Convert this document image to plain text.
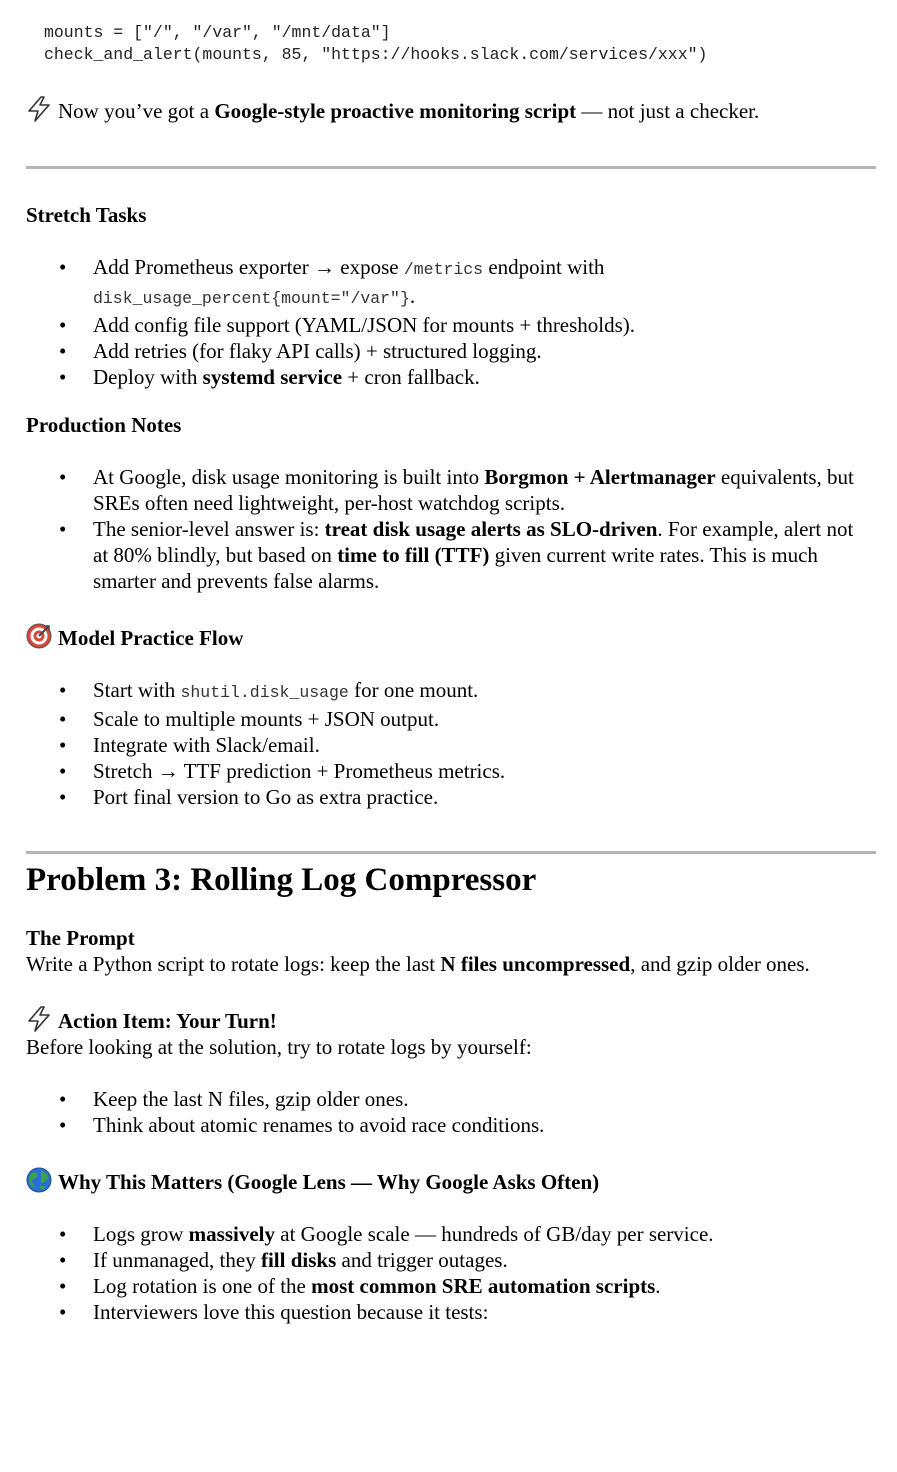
mounts = ["/", "/var", "/mnt/data"]
check_and_alert(mounts, 85, "https://hooks.slack.com/services/xxx")
Now you’ve got a Google-style proactive monitoring script — not just a checker.
Stretch Tasks
• Add Prometheus exporter → expose /metrics endpoint with
disk_usage_percent{mount="/var"}.
• Add config file support (YAML/JSON for mounts + thresholds).
• Add retries (for flaky API calls) + structured logging.
• Deploy with systemd service + cron fallback.
Production Notes
• At Google, disk usage monitoring is built into Borgmon + Alertmanager equivalents, but SREs often need lightweight, per-host watchdog scripts.
• The senior-level answer is: treat disk usage alerts as SLO-driven. For example, alert not at 80% blindly, but based on time to fill (TTF) given current write rates. This is much smarter and prevents false alarms.
Model Practice Flow
• Start with shutil.disk_usage for one mount.
• Scale to multiple mounts + JSON output.
• Integrate with Slack/email.
• Stretch → TTF prediction + Prometheus metrics.
• Port final version to Go as extra practice.
Problem 3: Rolling Log Compressor
The Prompt
Write a Python script to rotate logs: keep the last N files uncompressed, and gzip older ones.
Action Item: Your Turn!
Before looking at the solution, try to rotate logs by yourself:
• Keep the last N files, gzip older ones.
• Think about atomic renames to avoid race conditions.
Why This Matters (Google Lens — Why Google Asks Often)
• Logs grow massively at Google scale — hundreds of GB/day per service.
• If unmanaged, they fill disks and trigger outages.
• Log rotation is one of the most common SRE automation scripts.
• Interviewers love this question because it tests:
